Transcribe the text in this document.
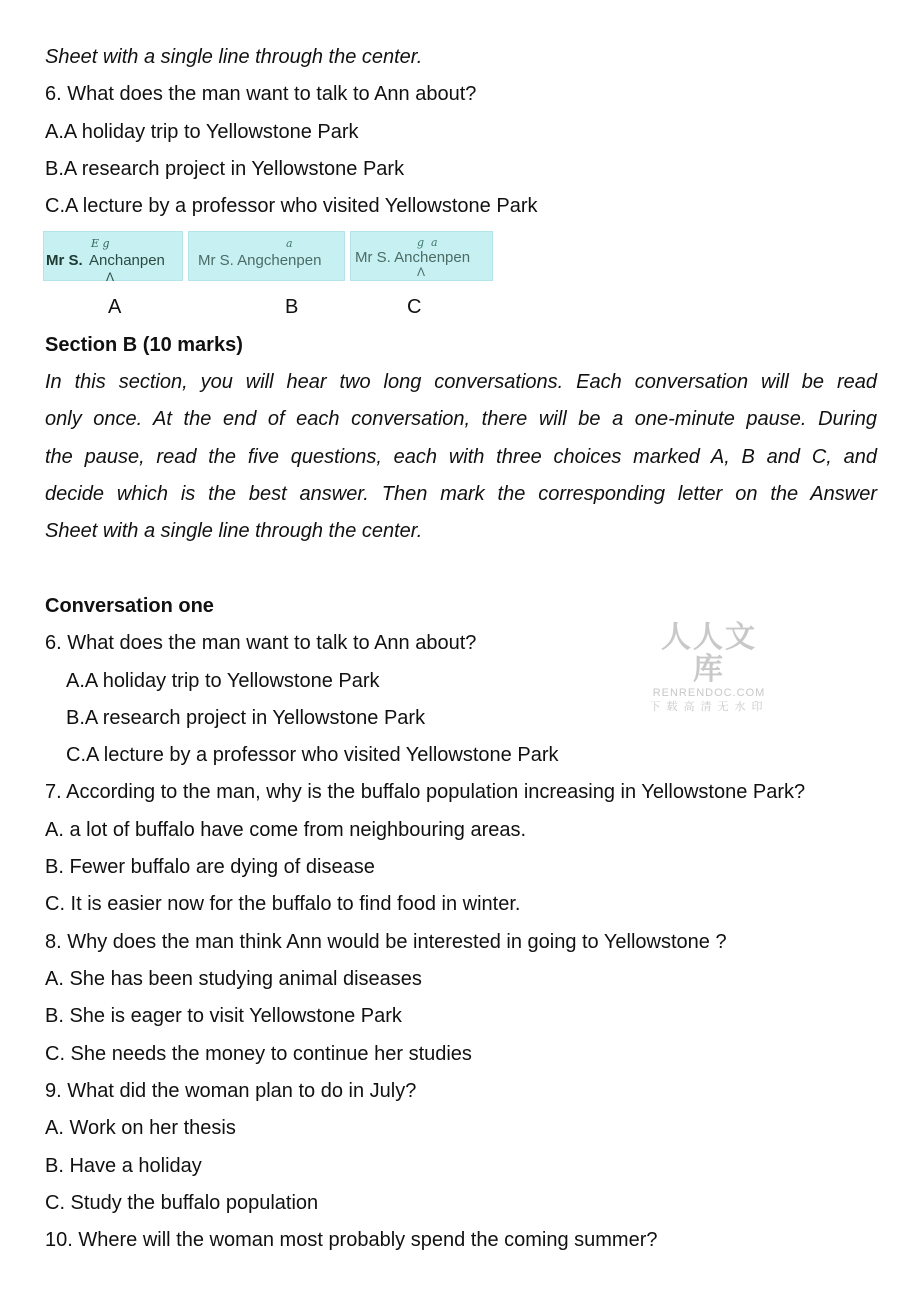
Sheet with a single line through the center.
6. What does the man want to talk to Ann about?
A.A holiday trip to Yellowstone Park
B.A research project in Yellowstone Park
C.A lecture by a professor who visited Yellowstone Park
E g
Mr S. Anchanpen
Λ
a
Mr S. Angchenpen
g  a
Mr S. Anchenpen
Λ
A	B	C
Section B (10 marks)
In this section, you will hear two long conversations. Each conversation will be read
only once. At the end of each conversation, there will be a one-minute pause. During
the pause, read the five questions, each with three choices marked A, B and C, and
decide which is the best answer. Then mark the corresponding letter on the Answer
Sheet with a single line through the center.
Conversation one
6. What does the man want to talk to Ann about?
A.A holiday trip to Yellowstone Park
B.A research project in Yellowstone Park
C.A lecture by a professor who visited Yellowstone Park
7. According to the man, why is the buffalo population increasing in Yellowstone Park?
A. a lot of buffalo have come from neighbouring areas.
B. Fewer buffalo are dying of disease
C. It is easier now for the buffalo to find food in winter.
8. Why does the man think Ann would be interested in going to Yellowstone ?
A. She has been studying animal diseases
B. She is eager to visit Yellowstone Park
C. She needs the money to continue her studies
9. What did the woman plan to do in July?
A. Work on her thesis
B. Have a holiday
C. Study the buffalo population
10. Where will the woman most probably spend the coming summer?
人人文库
RENRENDOC.COM
下载高清无水印
